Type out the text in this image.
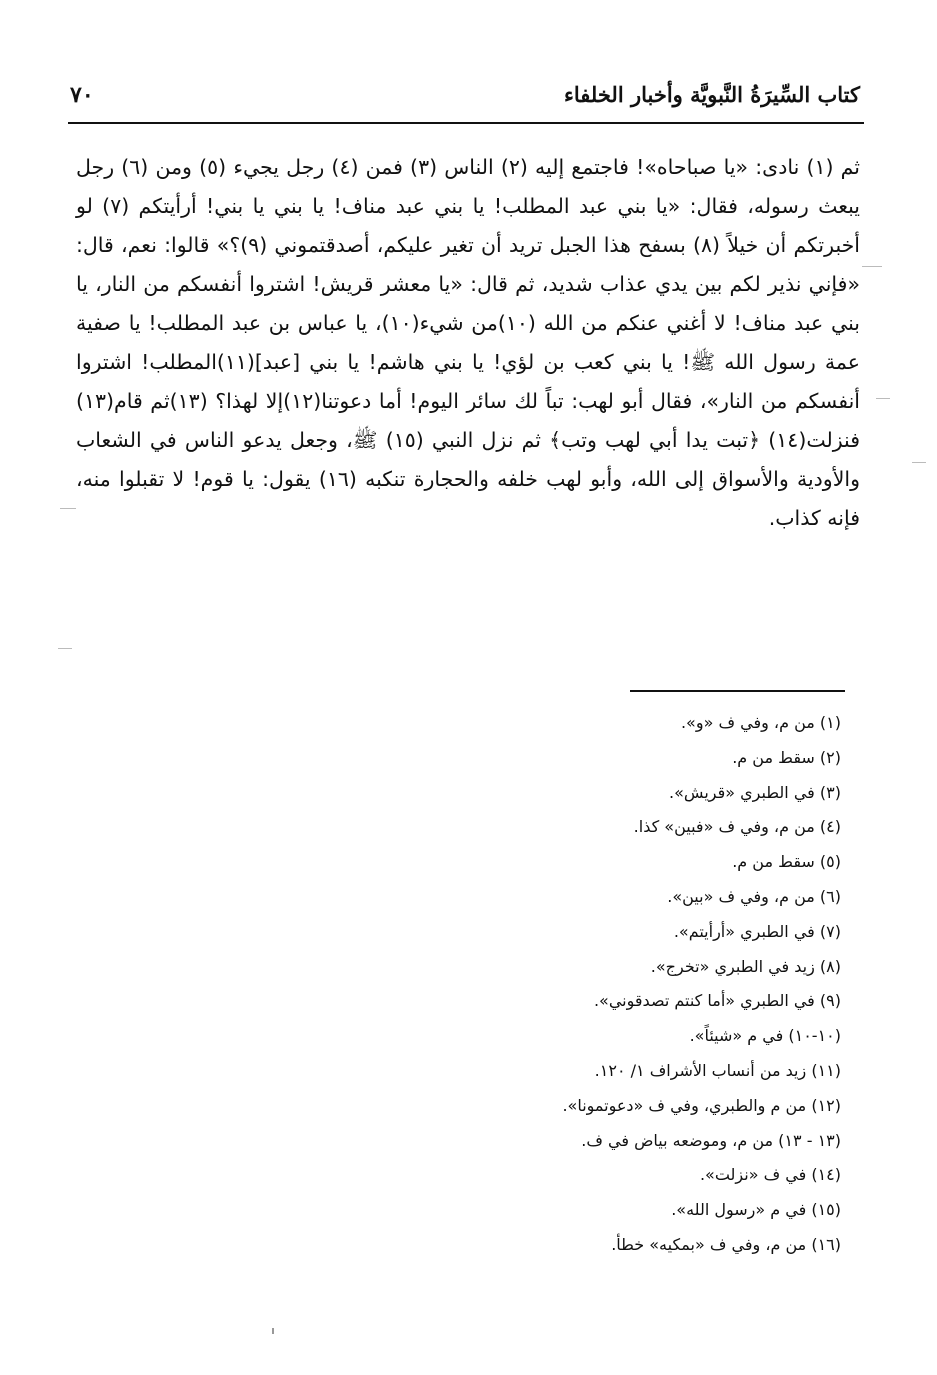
كتاب السِّيرَةُ النَّبويَّة وأخبار الخلفاء
٧٠

ثم (١) نادى: «يا صباحاه»! فاجتمع إليه (٢) الناس (٣) فمن (٤) رجل يجيء (٥) ومن (٦) رجل يبعث رسوله، فقال: «يا بني عبد المطلب! يا بني عبد مناف! يا بني يا بني! أرأيتكم (٧) لو أخبرتكم أن خيلاً (٨) بسفح هذا الجبل تريد أن تغير عليكم، أصدقتموني (٩)؟» قالوا: نعم، قال: «فإني نذير لكم بين يدي عذاب شديد، ثم قال: «يا معشر قريش! اشتروا أنفسكم من النار، يا بني عبد مناف! لا أغني عنكم من الله (١٠)من شيء(١٠)، يا عباس بن عبد المطلب! يا صفية عمة رسول الله ﷺ! يا بني كعب بن لؤي! يا بني هاشم! يا بني [عبد](١١)المطلب! اشتروا أنفسكم من النار»، فقال أبو لهب: تباً لك سائر اليوم! أما دعوتنا(١٢)إلا لهذا؟ (١٣)ثم قام(١٣) فنزلت(١٤) ﴿تبت يدا أبي لهب وتب﴾ ثم نزل النبي (١٥) ﷺ، وجعل يدعو الناس في الشعاب والأودية والأسواق إلى الله، وأبو لهب خلفه والحجارة تنكبه (١٦) يقول: يا قوم! لا تقبلوا منه، فإنه كذاب.

(١) من م، وفي ف «و».
(٢) سقط من م.
(٣) في الطبري «قريش».
(٤) من م، وفي ف «فبين» كذا.
(٥) سقط من م.
(٦) من م، وفي ف «بين».
(٧) في الطبري «أرأيتم».
(٨) زيد في الطبري «تخرج».
(٩) في الطبري «أما كنتم تصدقوني».
(١٠-١٠) في م «شيئاً».
(١١) زيد من أنساب الأشراف ١/ ١٢٠.
(١٢) من م والطبري، وفي ف «دعوتمونا».
(١٣ - ١٣) من م، وموضعه بياض في ف.
(١٤) في ف «نزلت».
(١٥) في م «رسول الله».
(١٦) من م، وفي ف «بمكيه» خطأ.
